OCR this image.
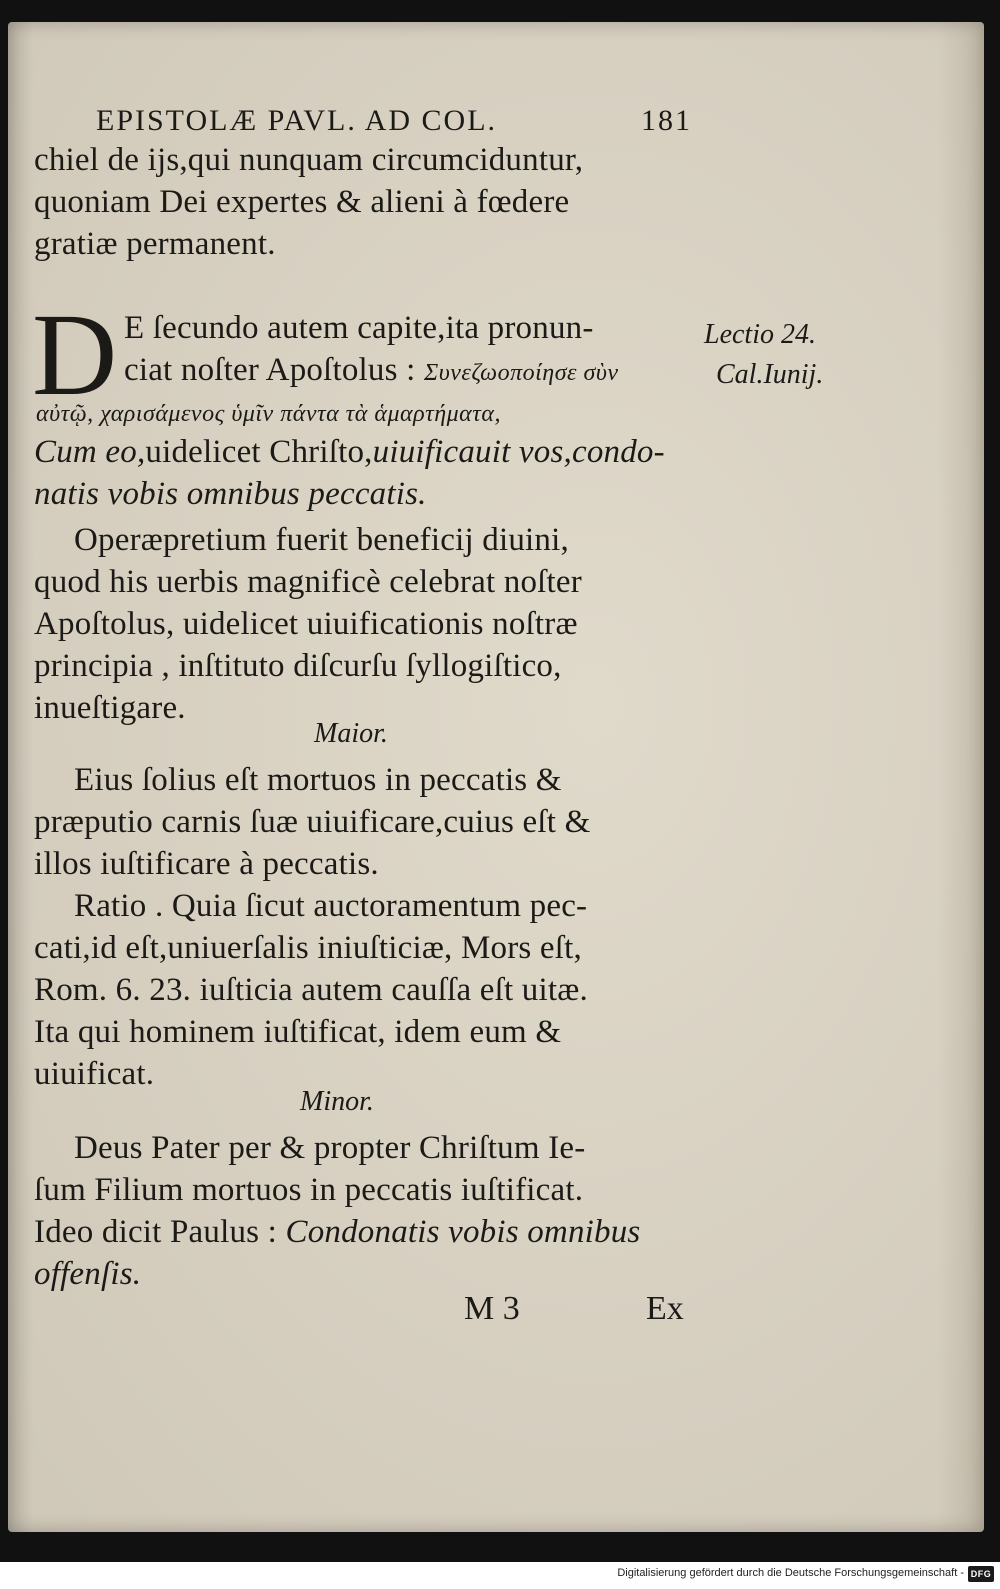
EPISTOLÆ PAVL. AD COL.	181
chiel de ijs,qui nunquam circumciduntur,
quoniam Dei expertes & alieni à fœdere
gratiæ permanent.
D E ſecundo autem capite,ita pronun-
ciat noſter Apoſtolus : Συνεζωοποίησε σὺν
αὐτῷ, χαρισάμενος ὑμῖν πάντα τὰ ἁμαρτήματα,
Cum eo,uidelicet Chriſto,uiuificauit vos,condo-
natis vobis omnibus peccatis.
Operæpretium fuerit beneficij diuini,
quod his uerbis magnificè celebrat noſter
Apoſtolus, uidelicet uiuificationis noſtræ
principia , inſtituto diſcurſu ſyllogiſtico,
inueſtigare.
Maior.
Eius ſolius eſt mortuos in peccatis &
præputio carnis ſuæ uiuificare,cuius eſt &
illos iuſtificare à peccatis.
Ratio . Quia ſicut auctoramentum pec-
cati,id eſt,uniuerſalis iniuſticiæ, Mors eſt,
Rom. 6. 23. iuſticia autem cauſſa eſt uitæ.
Ita qui hominem iuſtificat, idem eum &
uiuificat.
Minor.
Deus Pater per & propter Chriſtum Ie-
ſum Filium mortuos in peccatis iuſtificat.
Ideo dicit Paulus : Condonatis vobis omnibus
offenſis.
Lectio 24.
Cal.Iunij.
M 3	Ex
Digitalisierung gefördert durch die Deutsche Forschungsgemeinschaft - DFG
